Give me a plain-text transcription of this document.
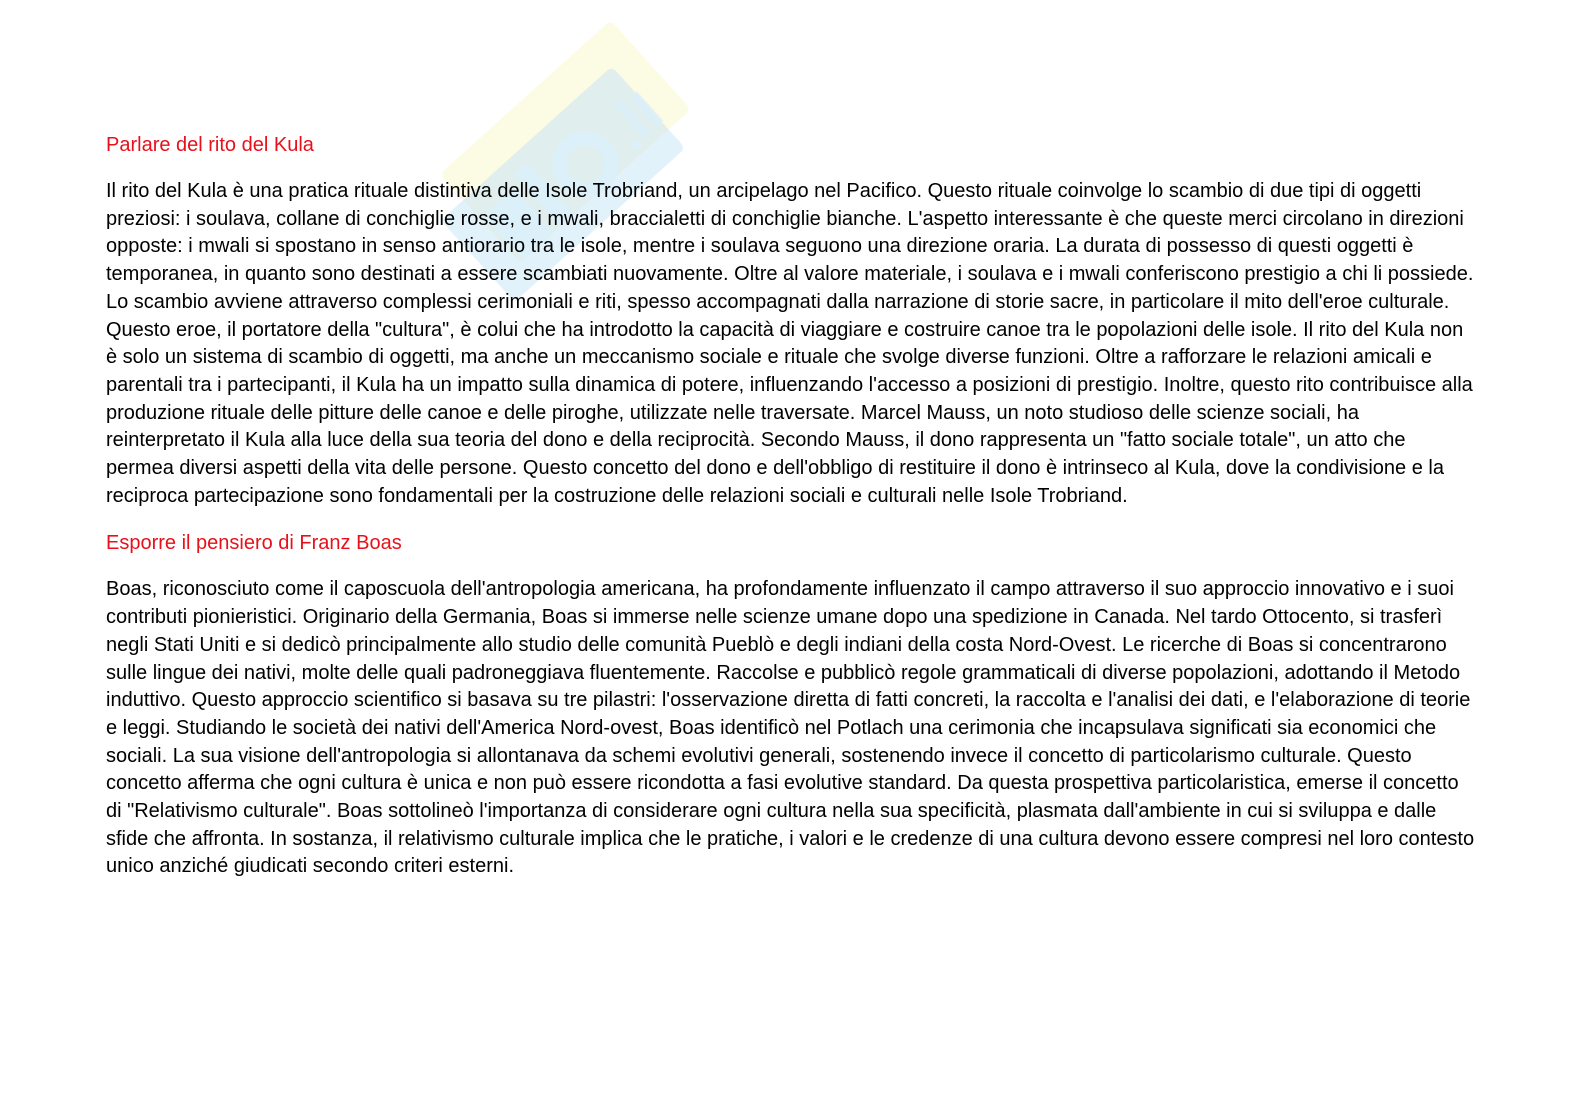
Parlare del rito del Kula

Il rito del Kula è una pratica rituale distintiva delle Isole Trobriand, un arcipelago nel Pacifico. Questo rituale coinvolge lo scambio di due tipi di oggetti preziosi: i soulava, collane di conchiglie rosse, e i mwali, braccialetti di conchiglie bianche. L'aspetto interessante è che queste merci circolano in direzioni opposte: i mwali si spostano in senso antiorario tra le isole, mentre i soulava seguono una direzione oraria. La durata di possesso di questi oggetti è temporanea, in quanto sono destinati a essere scambiati nuovamente. Oltre al valore materiale, i soulava e i mwali conferiscono prestigio a chi li possiede. Lo scambio avviene attraverso complessi cerimoniali e riti, spesso accompagnati dalla narrazione di storie sacre, in particolare il mito dell'eroe culturale. Questo eroe, il portatore della "cultura", è colui che ha introdotto la capacità di viaggiare e costruire canoe tra le popolazioni delle isole. Il rito del Kula non è solo un sistema di scambio di oggetti, ma anche un meccanismo sociale e rituale che svolge diverse funzioni. Oltre a rafforzare le relazioni amicali e parentali tra i partecipanti, il Kula ha un impatto sulla dinamica di potere, influenzando l'accesso a posizioni di prestigio. Inoltre, questo rito contribuisce alla produzione rituale delle pitture delle canoe e delle piroghe, utilizzate nelle traversate. Marcel Mauss, un noto studioso delle scienze sociali, ha reinterpretato il Kula alla luce della sua teoria del dono e della reciprocità. Secondo Mauss, il dono rappresenta un "fatto sociale totale", un atto che permea diversi aspetti della vita delle persone. Questo concetto del dono e dell'obbligo di restituire il dono è intrinseco al Kula, dove la condivisione e la reciproca partecipazione sono fondamentali per la costruzione delle relazioni sociali e culturali nelle Isole Trobriand.

Esporre il pensiero di Franz Boas

Boas, riconosciuto come il caposcuola dell'antropologia americana, ha profondamente influenzato il campo attraverso il suo approccio innovativo e i suoi contributi pionieristici. Originario della Germania, Boas si immerse nelle scienze umane dopo una spedizione in Canada. Nel tardo Ottocento, si trasferì negli Stati Uniti e si dedicò principalmente allo studio delle comunità Pueblò e degli indiani della costa Nord-Ovest. Le ricerche di Boas si concentrarono sulle lingue dei nativi, molte delle quali padroneggiava fluentemente. Raccolse e pubblicò regole grammaticali di diverse popolazioni, adottando il Metodo induttivo. Questo approccio scientifico si basava su tre pilastri: l'osservazione diretta di fatti concreti, la raccolta e l'analisi dei dati, e l'elaborazione di teorie e leggi. Studiando le società dei nativi dell'America Nord-ovest, Boas identificò nel Potlach una cerimonia che incapsulava significati sia economici che sociali. La sua visione dell'antropologia si allontanava da schemi evolutivi generali, sostenendo invece il concetto di particolarismo culturale. Questo concetto afferma che ogni cultura è unica e non può essere ricondotta a fasi evolutive standard. Da questa prospettiva particolaristica, emerse il concetto di "Relativismo culturale". Boas sottolineò l'importanza di considerare ogni cultura nella sua specificità, plasmata dall'ambiente in cui si sviluppa e dalle sfide che affronta. In sostanza, il relativismo culturale implica che le pratiche, i valori e le credenze di una cultura devono essere compresi nel loro contesto unico anziché giudicati secondo criteri esterni.
